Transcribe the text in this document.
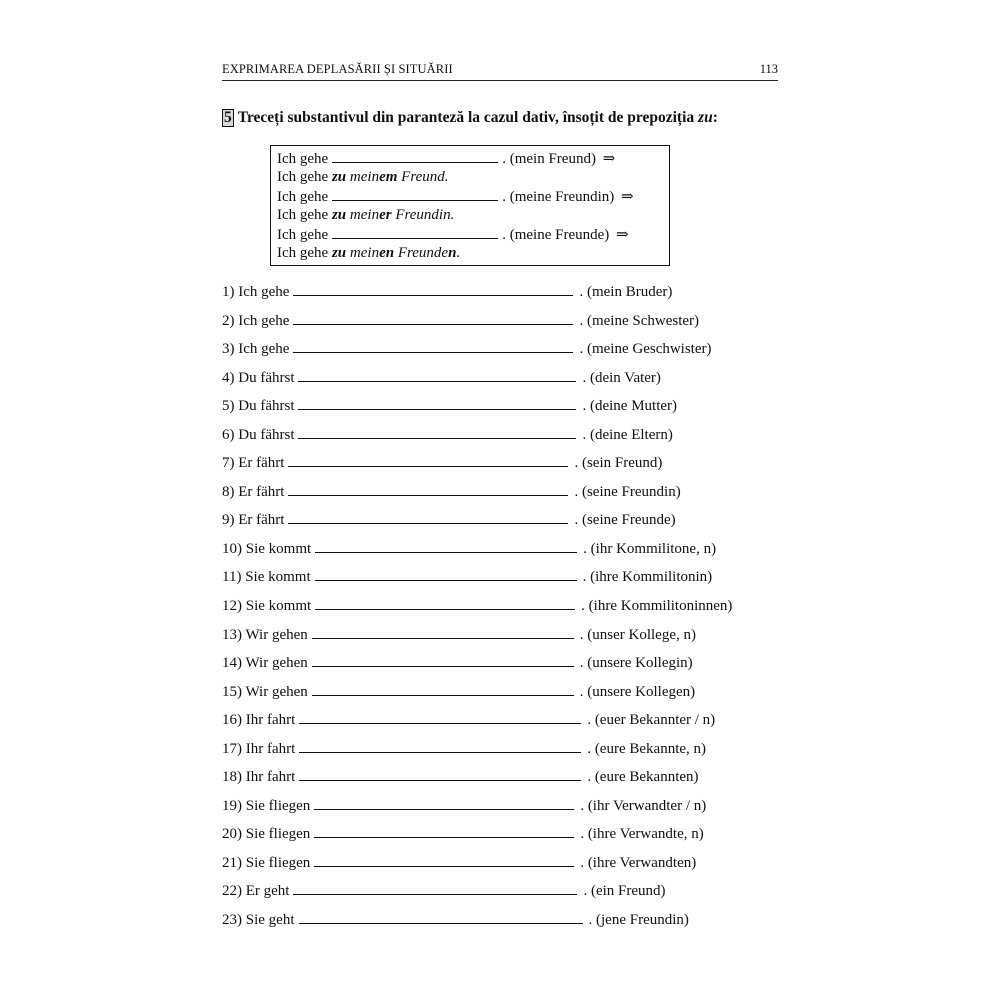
EXPRIMAREA DEPLASĂRII ȘI SITUĂRII	113
5 Treceți substantivul din paranteză la cazul dativ, însoțit de prepoziția
zu :
Ich gehe	. (mein Freund) ⇒
Ich gehe zu meinem Freund.
Ich gehe	. (meine Freundin) ⇒
Ich gehe zu meiner Freundin.
Ich gehe	. (meine Freunde) ⇒
Ich gehe zu meinen Freunden.
1) Ich gehe	. (mein Bruder)
2) Ich gehe	. (meine Schwester)
3) Ich gehe	. (meine Geschwister)
4) Du fährst	. (dein Vater)
5) Du fährst	. (deine Mutter)
6) Du fährst	. (deine Eltern)
7) Er fährt	. (sein Freund)
8) Er fährt	. (seine Freundin)
9) Er fährt	. (seine Freunde)
10) Sie kommt	. (ihr Kommilitone, n)
11) Sie kommt	. (ihre Kommilitonin)
12) Sie kommt	. (ihre Kommilitoninnen)
13) Wir gehen	. (unser Kollege, n)
14) Wir gehen	. (unsere Kollegin)
15) Wir gehen	. (unsere Kollegen)
16) Ihr fahrt	. (euer Bekannter / n)
17) Ihr fahrt	. (eure Bekannte, n)
18) Ihr fahrt	. (eure Bekannten)
19) Sie fliegen	. (ihr Verwandter / n)
20) Sie fliegen	. (ihre Verwandte, n)
21) Sie fliegen	. (ihre Verwandten)
22) Er geht	. (ein Freund)
23) Sie geht	. (jene Freundin)
